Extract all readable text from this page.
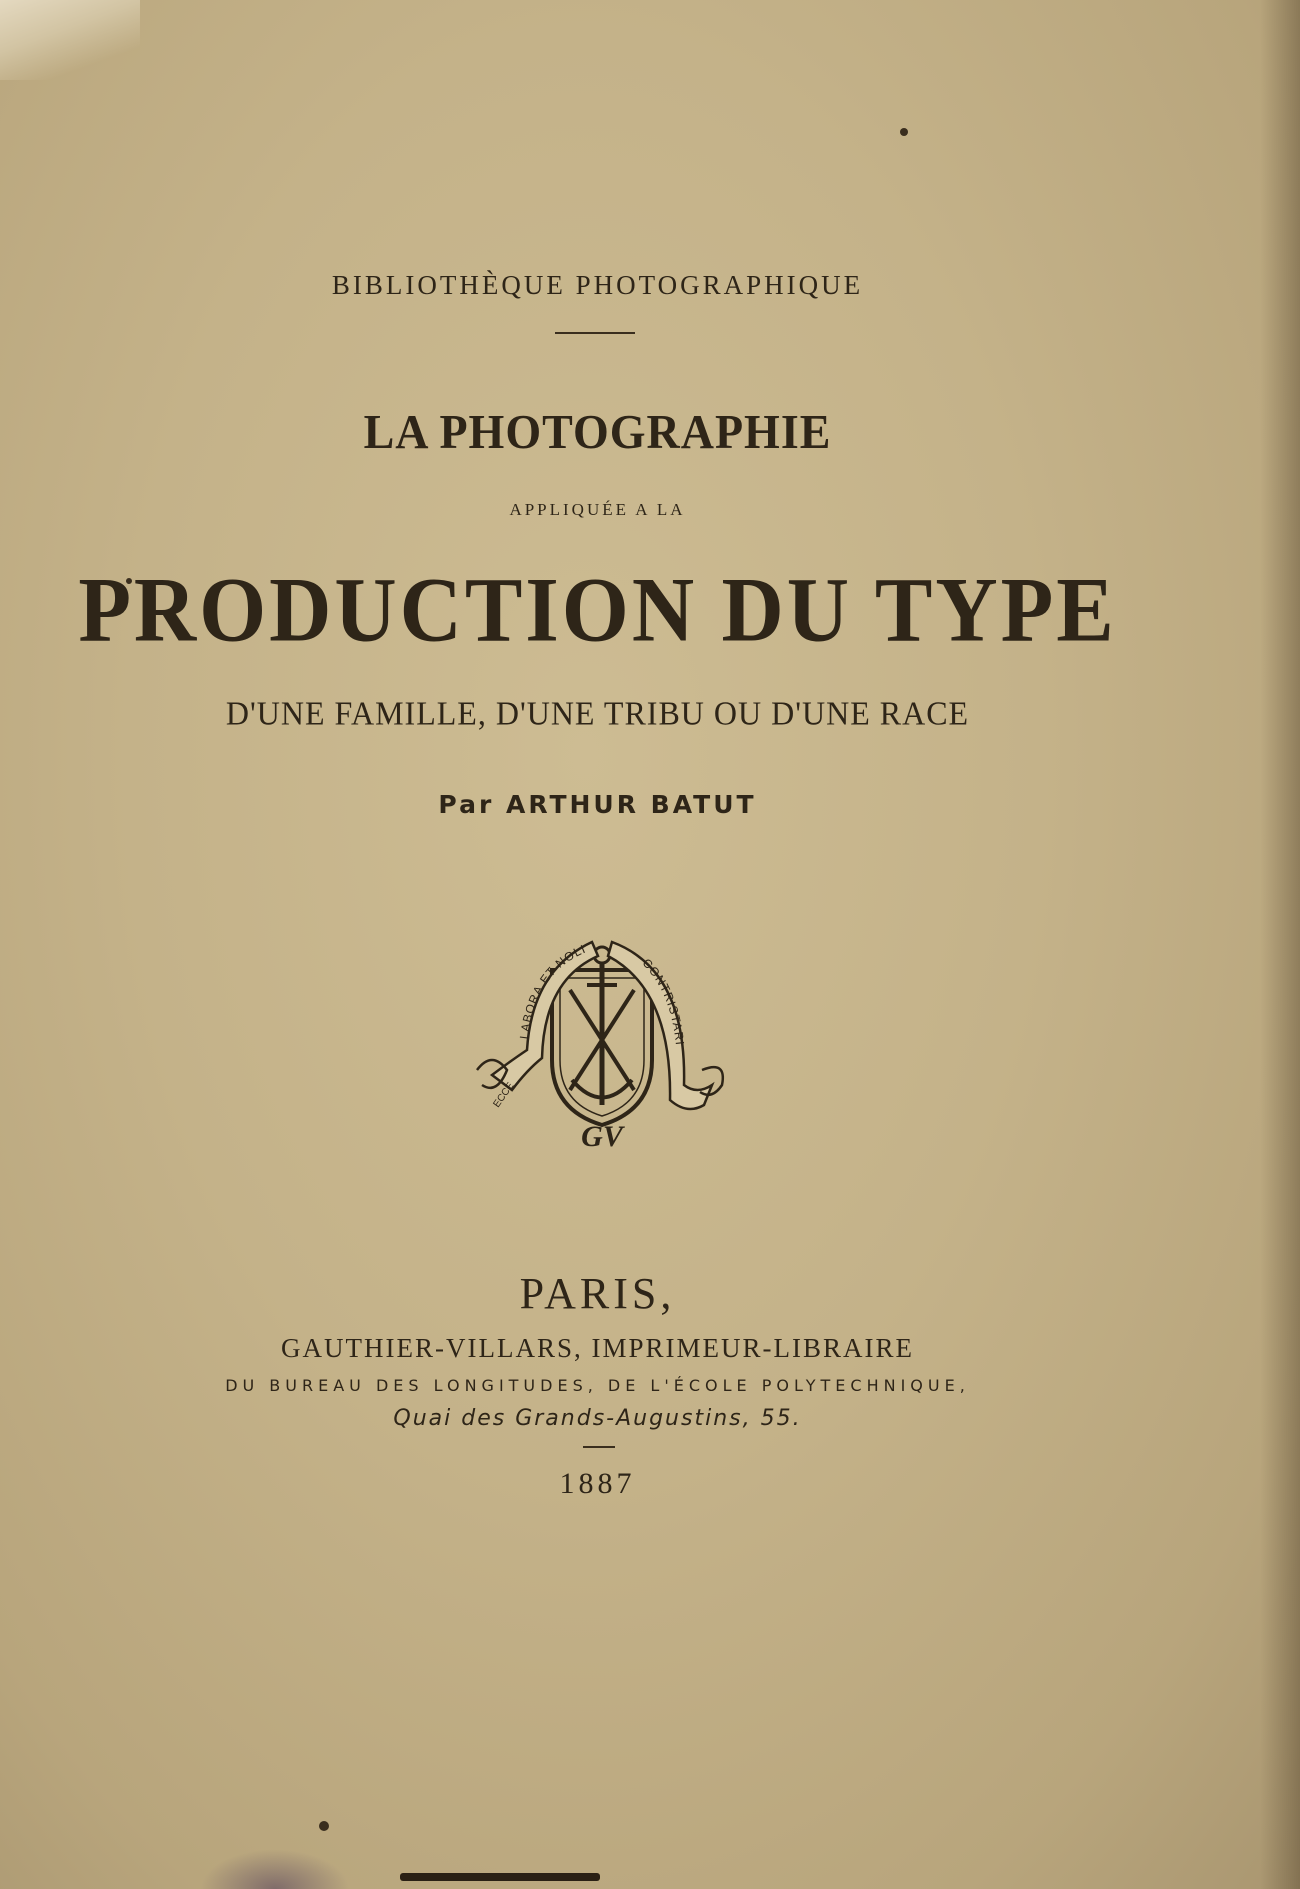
BIBLIOTHÈQUE PHOTOGRAPHIQUE
LA PHOTOGRAPHIE
APPLIQUÉE A LA
PRODUCTION DU TYPE
D'UNE FAMILLE, D'UNE TRIBU OU D'UNE RACE
Par ARTHUR BATUT
LABORA ET NOLI
CONTRISTARI
ECCE
GV
PARIS,
GAUTHIER-VILLARS, IMPRIMEUR-LIBRAIRE
DU BUREAU DES LONGITUDES, DE L'ÉCOLE POLYTECHNIQUE,
Quai des Grands-Augustins, 55.
1887
